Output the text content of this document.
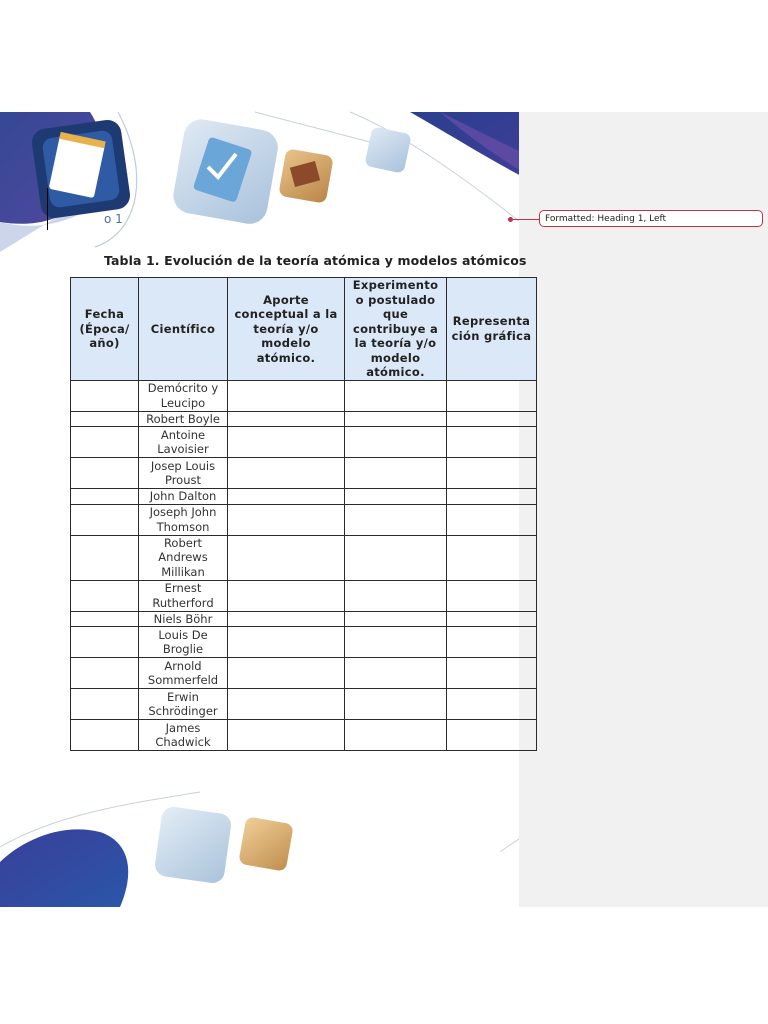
o 1	Formatted: Heading 1, Left
Tabla 1. Evolución de la teoría atómica y modelos atómicos
Fecha (Época/ año)	Científico	Aporte conceptual a la teoría y/o modelo atómico.	Experimento o postulado que contribuye a la teoría y/o modelo atómico.	Representa ción gráfica
	Demócrito y Leucipo			
	Robert Boyle			
	Antoine Lavoisier			
	Josep Louis Proust			
	John Dalton			
	Joseph John Thomson			
	Robert Andrews Millikan			
	Ernest Rutherford			
	Niels Böhr			
	Louis De Broglie			
	Arnold Sommerfeld			
	Erwin Schrödinger			
	James Chadwick			
